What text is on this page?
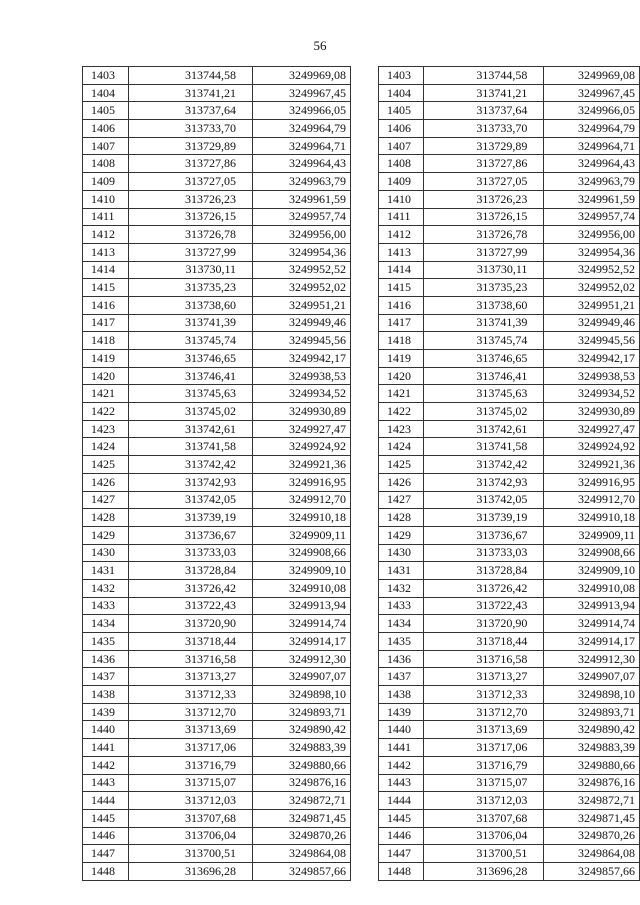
56
1403	313744,58	3249969,08
1404	313741,21	3249967,45
1405	313737,64	3249966,05
1406	313733,70	3249964,79
1407	313729,89	3249964,71
1408	313727,86	3249964,43
1409	313727,05	3249963,79
1410	313726,23	3249961,59
1411	313726,15	3249957,74
1412	313726,78	3249956,00
1413	313727,99	3249954,36
1414	313730,11	3249952,52
1415	313735,23	3249952,02
1416	313738,60	3249951,21
1417	313741,39	3249949,46
1418	313745,74	3249945,56
1419	313746,65	3249942,17
1420	313746,41	3249938,53
1421	313745,63	3249934,52
1422	313745,02	3249930,89
1423	313742,61	3249927,47
1424	313741,58	3249924,92
1425	313742,42	3249921,36
1426	313742,93	3249916,95
1427	313742,05	3249912,70
1428	313739,19	3249910,18
1429	313736,67	3249909,11
1430	313733,03	3249908,66
1431	313728,84	3249909,10
1432	313726,42	3249910,08
1433	313722,43	3249913,94
1434	313720,90	3249914,74
1435	313718,44	3249914,17
1436	313716,58	3249912,30
1437	313713,27	3249907,07
1438	313712,33	3249898,10
1439	313712,70	3249893,71
1440	313713,69	3249890,42
1441	313717,06	3249883,39
1442	313716,79	3249880,66
1443	313715,07	3249876,16
1444	313712,03	3249872,71
1445	313707,68	3249871,45
1446	313706,04	3249870,26
1447	313700,51	3249864,08
1448	313696,28	3249857,66
1403	313744,58	3249969,08
1404	313741,21	3249967,45
1405	313737,64	3249966,05
1406	313733,70	3249964,79
1407	313729,89	3249964,71
1408	313727,86	3249964,43
1409	313727,05	3249963,79
1410	313726,23	3249961,59
1411	313726,15	3249957,74
1412	313726,78	3249956,00
1413	313727,99	3249954,36
1414	313730,11	3249952,52
1415	313735,23	3249952,02
1416	313738,60	3249951,21
1417	313741,39	3249949,46
1418	313745,74	3249945,56
1419	313746,65	3249942,17
1420	313746,41	3249938,53
1421	313745,63	3249934,52
1422	313745,02	3249930,89
1423	313742,61	3249927,47
1424	313741,58	3249924,92
1425	313742,42	3249921,36
1426	313742,93	3249916,95
1427	313742,05	3249912,70
1428	313739,19	3249910,18
1429	313736,67	3249909,11
1430	313733,03	3249908,66
1431	313728,84	3249909,10
1432	313726,42	3249910,08
1433	313722,43	3249913,94
1434	313720,90	3249914,74
1435	313718,44	3249914,17
1436	313716,58	3249912,30
1437	313713,27	3249907,07
1438	313712,33	3249898,10
1439	313712,70	3249893,71
1440	313713,69	3249890,42
1441	313717,06	3249883,39
1442	313716,79	3249880,66
1443	313715,07	3249876,16
1444	313712,03	3249872,71
1445	313707,68	3249871,45
1446	313706,04	3249870,26
1447	313700,51	3249864,08
1448	313696,28	3249857,66
